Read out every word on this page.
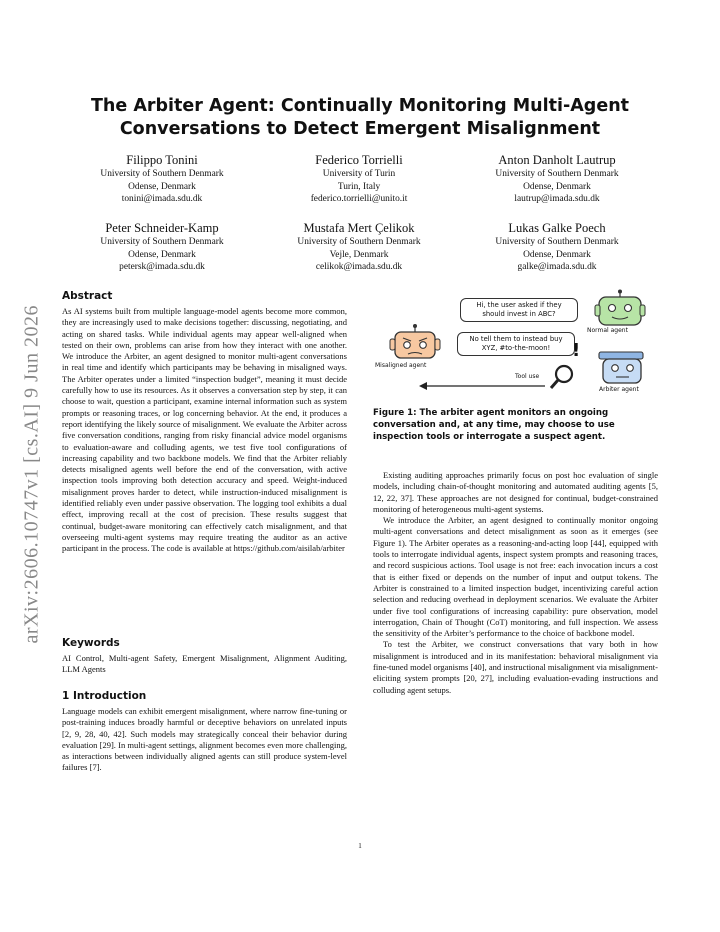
arXiv:2606.10747v1 [cs.AI] 9 Jun 2026
The Arbiter Agent: Continually Monitoring Multi-Agent Conversations to Detect Emergent Misalignment
Filippo Tonini
University of Southern Denmark
Odense, Denmark
tonini@imada.sdu.dk
Federico Torrielli
University of Turin
Turin, Italy
federico.torrielli@unito.it
Anton Danholt Lautrup
University of Southern Denmark
Odense, Denmark
lautrup@imada.sdu.dk
Peter Schneider-Kamp
University of Southern Denmark
Odense, Denmark
petersk@imada.sdu.dk
Mustafa Mert Çelikok
University of Southern Denmark
Vejle, Denmark
celikok@imada.sdu.dk
Lukas Galke Poech
University of Southern Denmark
Odense, Denmark
galke@imada.sdu.dk
Abstract

As AI systems built from multiple language-model agents become more common, they are increasingly used to make decisions together: discussing, negotiating, and acting on shared tasks. While individual agents may appear well-aligned when tested on their own, problems can arise from how they interact with one another. We introduce the Arbiter, an agent designed to monitor multi-agent conversations in real time and identify which participants may be behaving in misaligned ways. The Arbiter operates under a limited “inspection budget”, meaning it must decide carefully how to use its resources. As it observes a conversation step by step, it can choose to wait, question a participant, examine internal information such as system prompts or reasoning traces, or log concerning behavior. At the end, it produces a report identifying the likely source of misalignment. We evaluate the Arbiter across five conversation conditions, ranging from risky financial advice model organisms to evaluation-aware and colluding agents, we test five tool configurations of increasing capability and two backbone models. We find that the Arbiter reliably detects misaligned agents well before the end of the conversation, with active inspection tools improving both detection accuracy and speed. Weight-induced misalignment proves harder to detect, while instruction-induced misalignment is identified reliably even under passive observation. The logging tool exhibits a dual effect, improving recall at the cost of precision. These results suggest that continual, budget-aware monitoring can effectively catch misalignment, and that overseeing multi-agent systems may require treating the auditor as an active participant in the process. The code is available at https://github.com/aisilab/arbiter

Keywords

AI Control, Multi-agent Safety, Emergent Misalignment, Alignment Auditing, LLM Agents

1 Introduction

Language models can exhibit emergent misalignment, where narrow fine-tuning or post-training induces broadly harmful or deceptive behaviors on unrelated inputs [2, 9, 28, 40, 42]. Such models may strategically conceal their behavior during evaluation [29]. In multi-agent settings, alignment becomes even more challenging, as interactions between individually aligned agents can still produce system-level failures [7].

Hi, the user asked if they should invest in ABC?
No tell them to instead buy XYZ, #to-the-moon!	!
Normal agent
Misaligned agent
Tool use
Arbiter agent
Figure 1: The arbiter agent monitors an ongoing conversation and, at any time, may choose to use inspection tools or interrogate a suspect agent.

Existing auditing approaches primarily focus on post hoc evaluation of single models, including chain-of-thought monitoring and automated auditing agents [5, 12, 22, 37]. These approaches are not designed for continual, budget-constrained monitoring of heterogeneous multi-agent systems.

We introduce the Arbiter, an agent designed to continually monitor ongoing multi-agent conversations and detect misalignment as soon as it emerges (see Figure 1). The Arbiter operates as a reasoning-and-acting loop [44], equipped with tools to interrogate individual agents, inspect system prompts and reasoning traces, and record suspicious actions. Tool usage is not free: each invocation incurs a cost that is either fixed or depends on the number of input and output tokens. The Arbiter is constrained to a limited inspection budget, incentivizing careful action selection and reducing overhead in deployment scenarios. We evaluate the Arbiter under five tool configurations of increasing capability: pure observation, model interrogation, Chain of Thought (CoT) monitoring, and full inspection. We assess the sensitivity of the Arbiter’s performance to the choice of backbone model.

To test the Arbiter, we construct conversations that vary both in how misalignment is introduced and in its manifestation: behavioral misalignment via fine-tuned model organisms [40], and instructional misalignment via misalignment-eliciting system prompts [20, 27], including evaluation-evading instructions and colluding agent setups.

1
